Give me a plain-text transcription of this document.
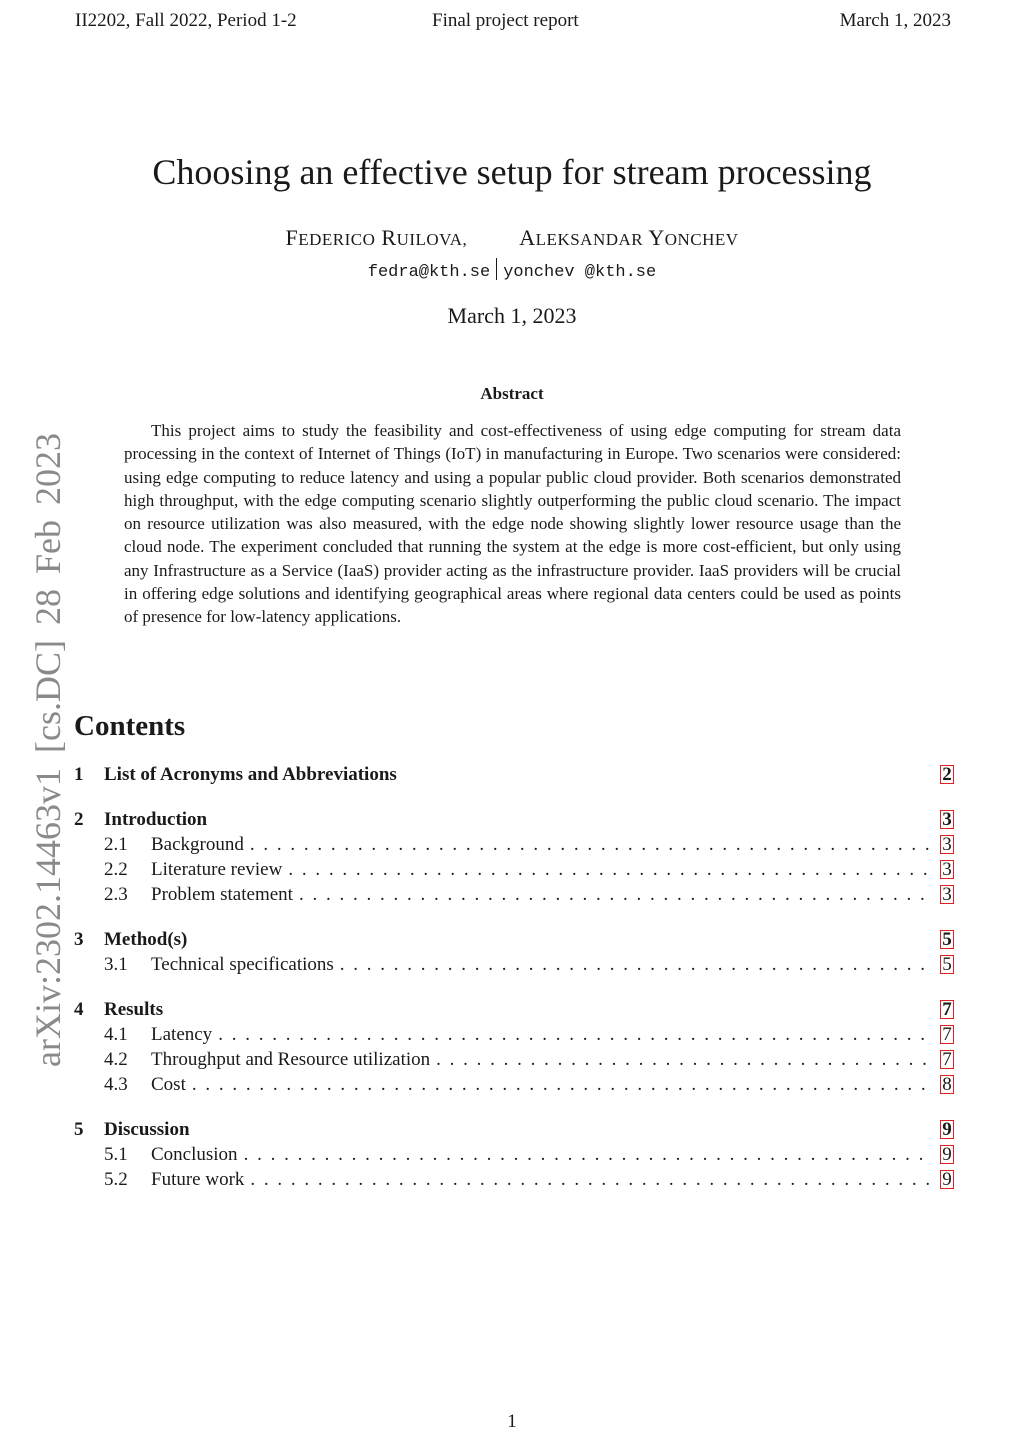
II2202, Fall 2022, Period 1-2	Final project report	March 1, 2023
Choosing an effective setup for stream processing
FEDERICO RUILOVA, ALEKSANDAR YONCHEV
fedra@kth.se yonchev @kth.se
March 1, 2023
Abstract

This project aims to study the feasibility and cost-effectiveness of using edge computing for stream data processing in the context of Internet of Things (IoT) in manufacturing in Europe. Two scenarios were considered: using edge computing to reduce latency and using a popular public cloud provider. Both scenarios demonstrated high throughput, with the edge computing scenario slightly outperforming the public cloud scenario. The impact on resource utilization was also measured, with the edge node showing slightly lower resource usage than the cloud node. The experiment concluded that running the system at the edge is more cost-efficient, but only using any Infrastructure as a Service (IaaS) provider acting as the infrastructure provider. IaaS providers will be crucial in offering edge solutions and identifying geographical areas where regional data centers could be used as points of presence for low-latency applications.

arXiv:2302.14463v1 [cs.DC] 28 Feb 2023 Contents
1	List of Acronyms and Abbreviations	2
2	Introduction	3
2.1	Background . . .	3
2.2	Literature review . . .	3
2.3	Problem statement . . .	3
3	Method(s)	5
3.1	Technical specifications . . .	5
4	Results	7
4.1	Latency . . .	7
4.2	Throughput and Resource utilization . . .	7
4.3	Cost . . .	8
5	Discussion	9
5.1	Conclusion . . .	9
5.2	Future work . . .	9
1
